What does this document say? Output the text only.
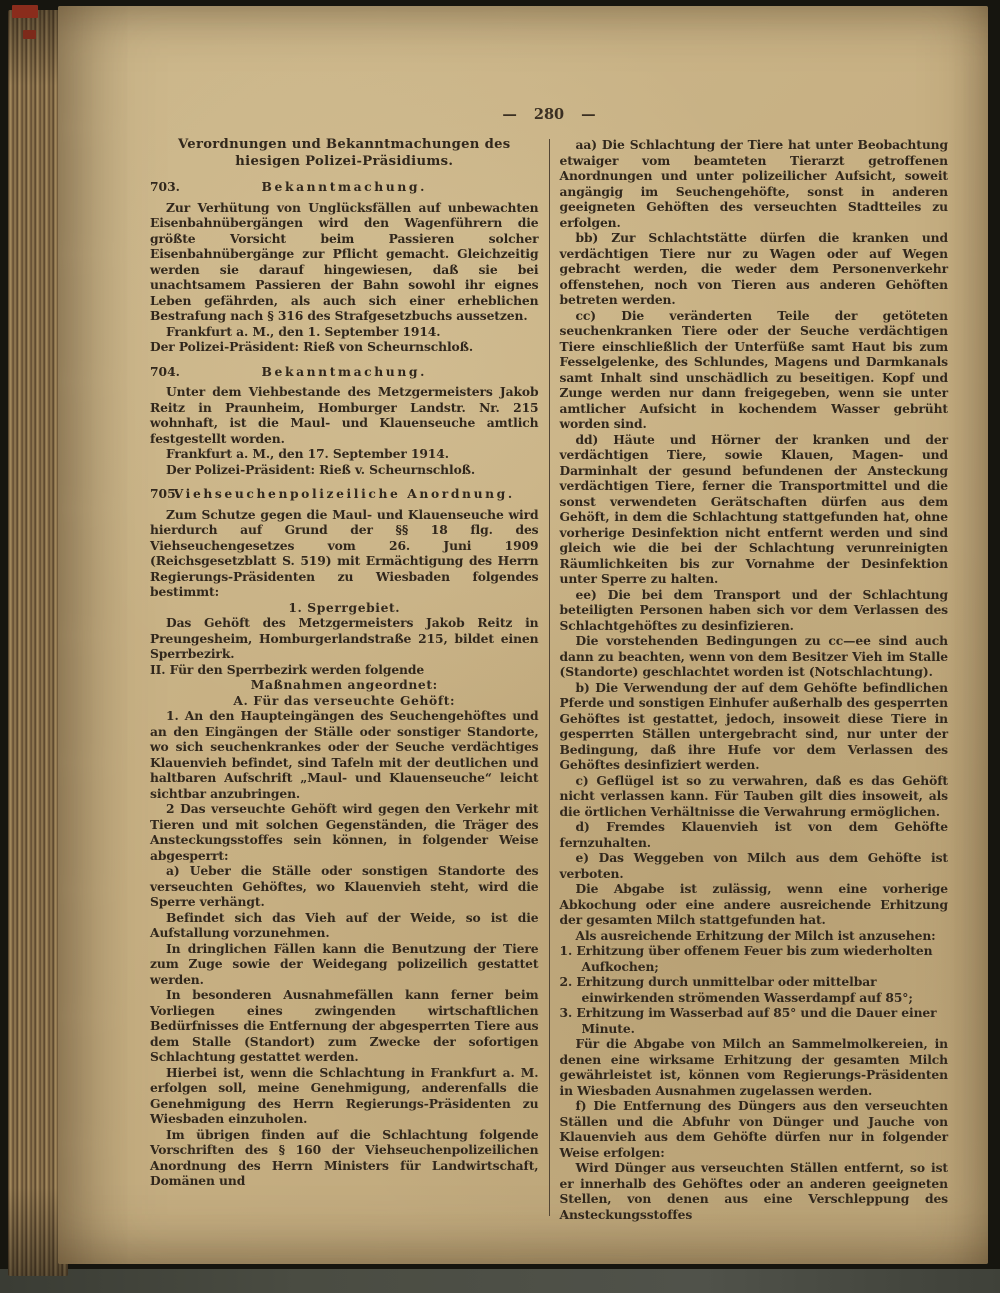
— 280 —
Verordnungen und Bekanntmachungen des hiesigen Polizei-Präsidiums.
703.	Bekanntmachung.

Zur Verhütung von Unglücksfällen auf unbewachten Eisenbahnübergängen wird den Wagenführern die größte Vorsicht beim Passieren solcher Eisenbahnübergänge zur Pflicht gemacht. Gleichzeitig werden sie darauf hingewiesen, daß sie bei unachtsamem Passieren der Bahn sowohl ihr eignes Leben gefährden, als auch sich einer erheblichen Bestrafung nach § 316 des Strafgesetzbuchs aussetzen.

Frankfurt a. M., den 1. September 1914.

Der Polizei-Präsident: Rieß von Scheurnschloß.

704.	Bekanntmachung.

Unter dem Viehbestande des Metzgermeisters Jakob Reitz in Praunheim, Homburger Landstr. Nr. 215 wohnhaft, ist die Maul- und Klauenseuche amtlich festgestellt worden.

Frankfurt a. M., den 17. September 1914.

Der Polizei-Präsident: Rieß v. Scheurnschloß.

705.
Viehseuchenpolizeiliche Anordnung.

Zum Schutze gegen die Maul- und Klauenseuche wird hierdurch auf Grund der §§ 18 flg. des Viehseuchengesetzes vom 26. Juni 1909 (Reichsgesetzblatt S. 519) mit Ermächtigung des Herrn Regierungs-Präsidenten zu Wiesbaden folgendes bestimmt:

1. Sperrgebiet.

Das Gehöft des Metzgermeisters Jakob Reitz in Preungesheim, Homburgerlandstraße 215, bildet einen Sperrbezirk.

II. Für den Sperrbezirk werden folgende

Maßnahmen angeordnet:

A. Für das verseuchte Gehöft:

1. An den Haupteingängen des Seuchengehöftes und an den Eingängen der Ställe oder sonstiger Standorte, wo sich seuchenkrankes oder der Seuche verdächtiges Klauenvieh befindet, sind Tafeln mit der deutlichen und haltbaren Aufschrift „Maul- und Klauenseuche“ leicht sichtbar anzubringen.

2 Das verseuchte Gehöft wird gegen den Verkehr mit Tieren und mit solchen Gegenständen, die Träger des Ansteckungsstoffes sein können, in folgender Weise abgesperrt:

a) Ueber die Ställe oder sonstigen Standorte des verseuchten Gehöftes, wo Klauenvieh steht, wird die Sperre verhängt.

Befindet sich das Vieh auf der Weide, so ist die Aufstallung vorzunehmen.

In dringlichen Fällen kann die Benutzung der Tiere zum Zuge sowie der Weidegang polizeilich gestattet werden.

In besonderen Ausnahmefällen kann ferner beim Vorliegen eines zwingenden wirtschaftlichen Bedürfnisses die Entfernung der abgesperrten Tiere aus dem Stalle (Standort) zum Zwecke der sofortigen Schlachtung gestattet werden.

Hierbei ist, wenn die Schlachtung in Frankfurt a. M. erfolgen soll, meine Genehmigung, anderenfalls die Genehmigung des Herrn Regierungs-Präsidenten zu Wiesbaden einzuholen.

Im übrigen finden auf die Schlachtung folgende Vorschriften des § 160 der Viehseuchenpolizeilichen Anordnung des Herrn Ministers für Landwirtschaft, Domänen und

aa) Die Schlachtung der Tiere hat unter Beobachtung etwaiger vom beamteten Tierarzt getroffenen Anordnungen und unter polizeilicher Aufsicht, soweit angängig im Seuchengehöfte, sonst in anderen geeigneten Gehöften des verseuchten Stadtteiles zu erfolgen.

bb) Zur Schlachtstätte dürfen die kranken und verdächtigen Tiere nur zu Wagen oder auf Wegen gebracht werden, die weder dem Personenverkehr offenstehen, noch von Tieren aus anderen Gehöften betreten werden.

cc) Die veränderten Teile der getöteten seuchenkranken Tiere oder der Seuche verdächtigen Tiere einschließlich der Unterfüße samt Haut bis zum Fesselgelenke, des Schlundes, Magens und Darmkanals samt Inhalt sind unschädlich zu beseitigen. Kopf und Zunge werden nur dann freigegeben, wenn sie unter amtlicher Aufsicht in kochendem Wasser gebrüht worden sind.

dd) Häute und Hörner der kranken und der verdächtigen Tiere, sowie Klauen, Magen- und Darminhalt der gesund befundenen der Ansteckung verdächtigen Tiere, ferner die Transportmittel und die sonst verwendeten Gerätschaften dürfen aus dem Gehöft, in dem die Schlachtung stattgefunden hat, ohne vorherige Desinfektion nicht entfernt werden und sind gleich wie die bei der Schlachtung verunreinigten Räumlichkeiten bis zur Vornahme der Desinfektion unter Sperre zu halten.

ee) Die bei dem Transport und der Schlachtung beteiligten Personen haben sich vor dem Verlassen des Schlachtgehöftes zu desinfizieren.

Die vorstehenden Bedingungen zu cc—ee sind auch dann zu beachten, wenn von dem Besitzer Vieh im Stalle (Standorte) geschlachtet worden ist (Notschlachtung).

b) Die Verwendung der auf dem Gehöfte befindlichen Pferde und sonstigen Einhufer außerhalb des gesperrten Gehöftes ist gestattet, jedoch, insoweit diese Tiere in gesperrten Ställen untergebracht sind, nur unter der Bedingung, daß ihre Hufe vor dem Verlassen des Gehöftes desinfiziert werden.

c) Geflügel ist so zu verwahren, daß es das Gehöft nicht verlassen kann. Für Tauben gilt dies insoweit, als die örtlichen Verhältnisse die Verwahrung ermöglichen.

d) Fremdes Klauenvieh ist von dem Gehöfte fernzuhalten.

e) Das Weggeben von Milch aus dem Gehöfte ist verboten.

Die Abgabe ist zulässig, wenn eine vorherige Abkochung oder eine andere ausreichende Erhitzung der gesamten Milch stattgefunden hat.

Als ausreichende Erhitzung der Milch ist anzusehen:

1. Erhitzung über offenem Feuer bis zum wiederholten Aufkochen;

2. Erhitzung durch unmittelbar oder mittelbar einwirkenden strömenden Wasserdampf auf 85°;

3. Erhitzung im Wasserbad auf 85° und die Dauer einer Minute.

Für die Abgabe von Milch an Sammelmolkereien, in denen eine wirksame Erhitzung der gesamten Milch gewährleistet ist, können vom Regierungs-Präsidenten in Wiesbaden Ausnahmen zugelassen werden.

f) Die Entfernung des Düngers aus den verseuchten Ställen und die Abfuhr von Dünger und Jauche von Klauenvieh aus dem Gehöfte dürfen nur in folgender Weise erfolgen:

Wird Dünger aus verseuchten Ställen entfernt, so ist er innerhalb des Gehöftes oder an anderen geeigneten Stellen, von denen aus eine Verschleppung des Ansteckungsstoffes
